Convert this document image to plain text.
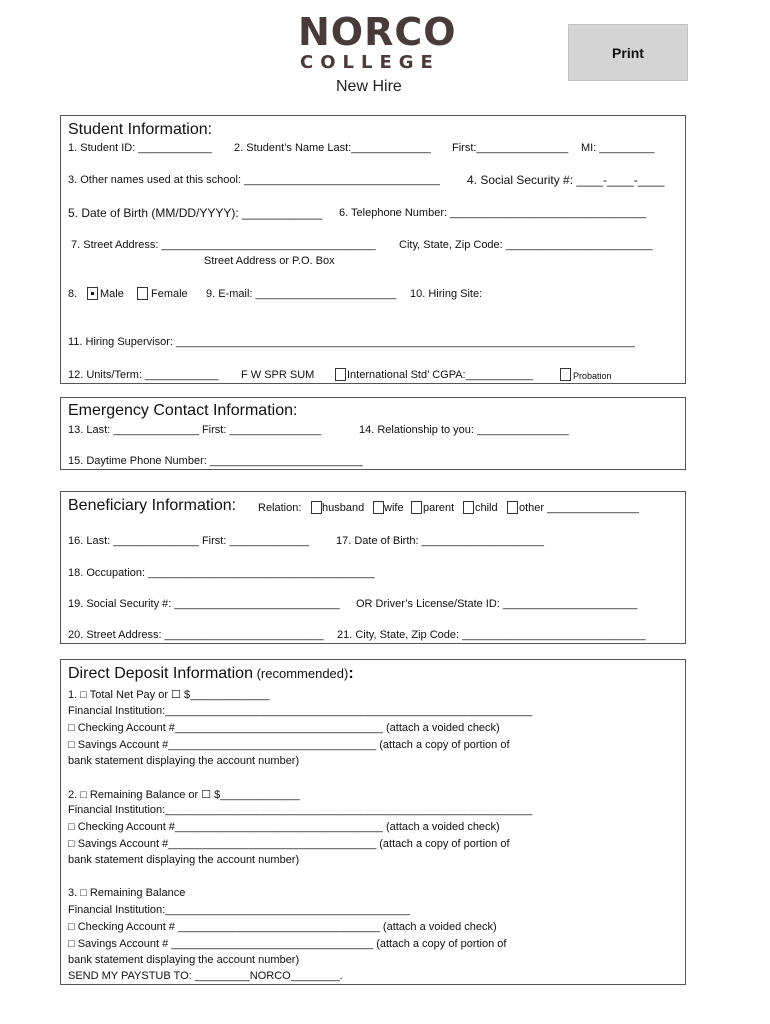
NORCO
COLLEGE
New Hire
Print
Student Information:
1. Student ID: ____________ 2. Student’s Name Last:_____________ First:_______________ MI: _________
3. Other names used at this school: ________________________________ 4. Social Security #: ____-____-____
5. Date of Birth (MM/DD/YYYY): ____________ 6. Telephone Number: ________________________________
7. Street Address: ___________________________________ City, State, Zip Code: ________________________
Street Address or P.O. Box
8. Male Female 9. E-mail: _______________________ 10. Hiring Site:
11. Hiring Supervisor: ___________________________________________________________________________
12. Units/Term: ____________ F W SPR SUM	International Std’ CGPA:___________	Probation
Emergency Contact Information:
13. Last: ______________ First: _______________	14. Relationship to you: _______________
15. Daytime Phone Number: _________________________
Beneficiary Information: Relation: husband wife parent child other _______________
16. Last: ______________ First: _____________ 17. Date of Birth: ____________________
18. Occupation: _____________________________________
19. Social Security #: ___________________________ OR Driver’s License/State ID: ______________________
20. Street Address: __________________________ 21. City, State, Zip Code: ______________________________
Direct Deposit Information (recommended):
1. □ Total Net Pay or ☐ $_____________
Financial Institution:____________________________________________________________
□ Checking Account #__________________________________ (attach a voided check)
□ Savings Account #__________________________________ (attach a copy of portion of
bank statement displaying the account number)
2. □ Remaining Balance or ☐ $_____________
Financial Institution:____________________________________________________________
□ Checking Account #__________________________________ (attach a voided check)
□ Savings Account #__________________________________ (attach a copy of portion of
bank statement displaying the account number)
3. □ Remaining Balance
Financial Institution:________________________________________
□ Checking Account # _________________________________ (attach a voided check)
□ Savings Account # _________________________________ (attach a copy of portion of
bank statement displaying the account number)
SEND MY PAYSTUB TO: _________NORCO________.
